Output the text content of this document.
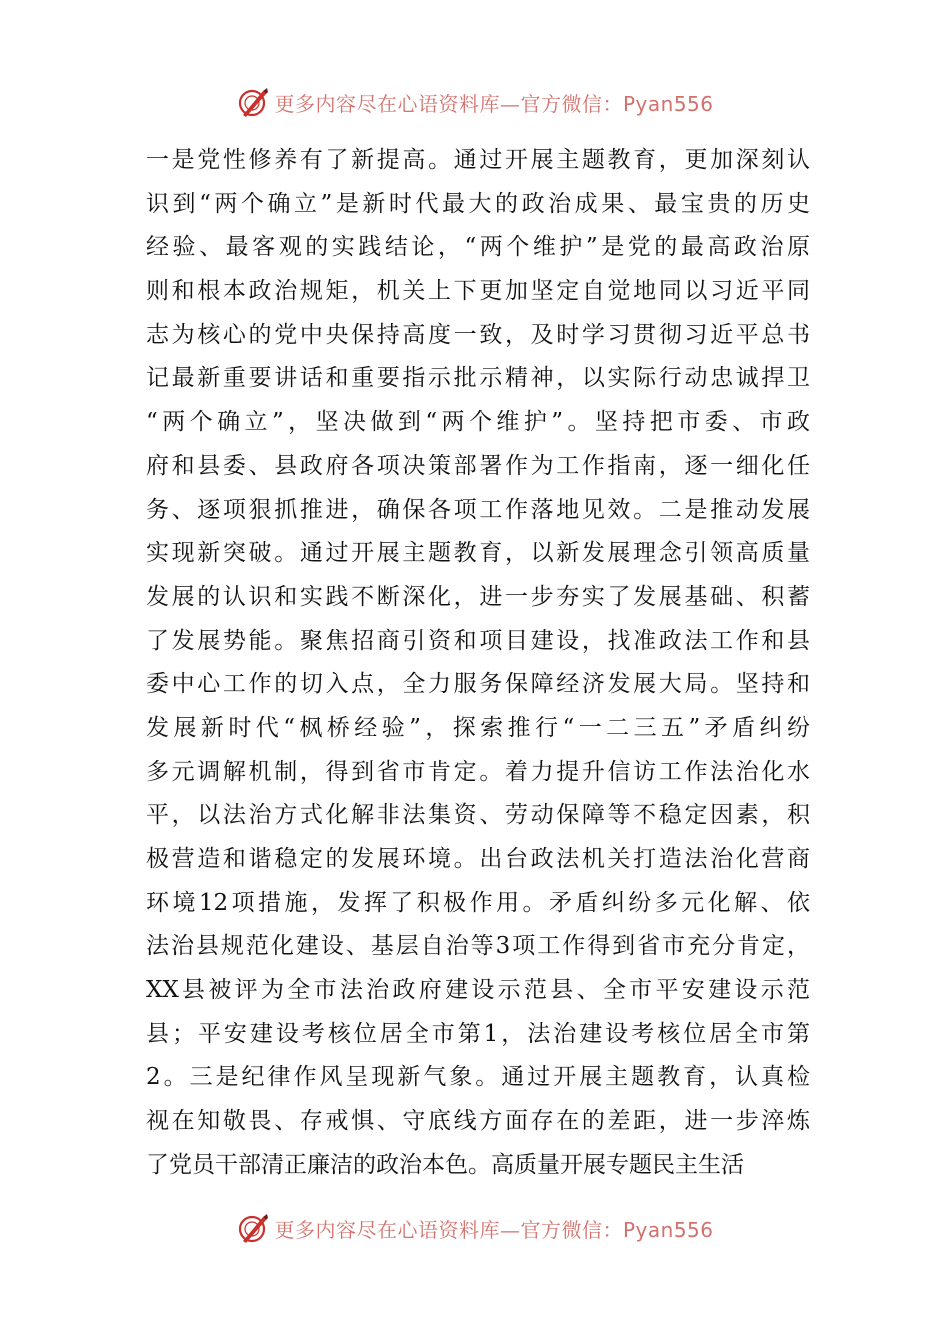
更多内容尽在心语资料库—官方微信：Pyan556
一是党性修养有了新提高。通过开展主题教育，更加深刻认
识到“两个确立”是新时代最大的政治成果、最宝贵的历史
经验、最客观的实践结论，“两个维护”是党的最高政治原
则和根本政治规矩，机关上下更加坚定自觉地同以习近平同
志为核心的党中央保持高度一致，及时学习贯彻习近平总书
记最新重要讲话和重要指示批示精神，以实际行动忠诚捍卫
“两个确立”，坚决做到“两个维护”。坚持把市委、市政
府和县委、县政府各项决策部署作为工作指南，逐一细化任
务、逐项狠抓推进，确保各项工作落地见效。二是推动发展
实现新突破。通过开展主题教育，以新发展理念引领高质量
发展的认识和实践不断深化，进一步夯实了发展基础、积蓄
了发展势能。聚焦招商引资和项目建设，找准政法工作和县
委中心工作的切入点，全力服务保障经济发展大局。坚持和
发展新时代“枫桥经验”，探索推行“一二三五”矛盾纠纷
多元调解机制，得到省市肯定。着力提升信访工作法治化水
平，以法治方式化解非法集资、劳动保障等不稳定因素，积
极营造和谐稳定的发展环境。出台政法机关打造法治化营商
环境12项措施，发挥了积极作用。矛盾纠纷多元化解、依
法治县规范化建设、基层自治等3项工作得到省市充分肯定，
XX县被评为全市法治政府建设示范县、全市平安建设示范
县；平安建设考核位居全市第1，法治建设考核位居全市第
2。三是纪律作风呈现新气象。通过开展主题教育，认真检
视在知敬畏、存戒惧、守底线方面存在的差距，进一步淬炼
了党员干部清正廉洁的政治本色。高质量开展专题民主生活
更多内容尽在心语资料库—官方微信：Pyan556
